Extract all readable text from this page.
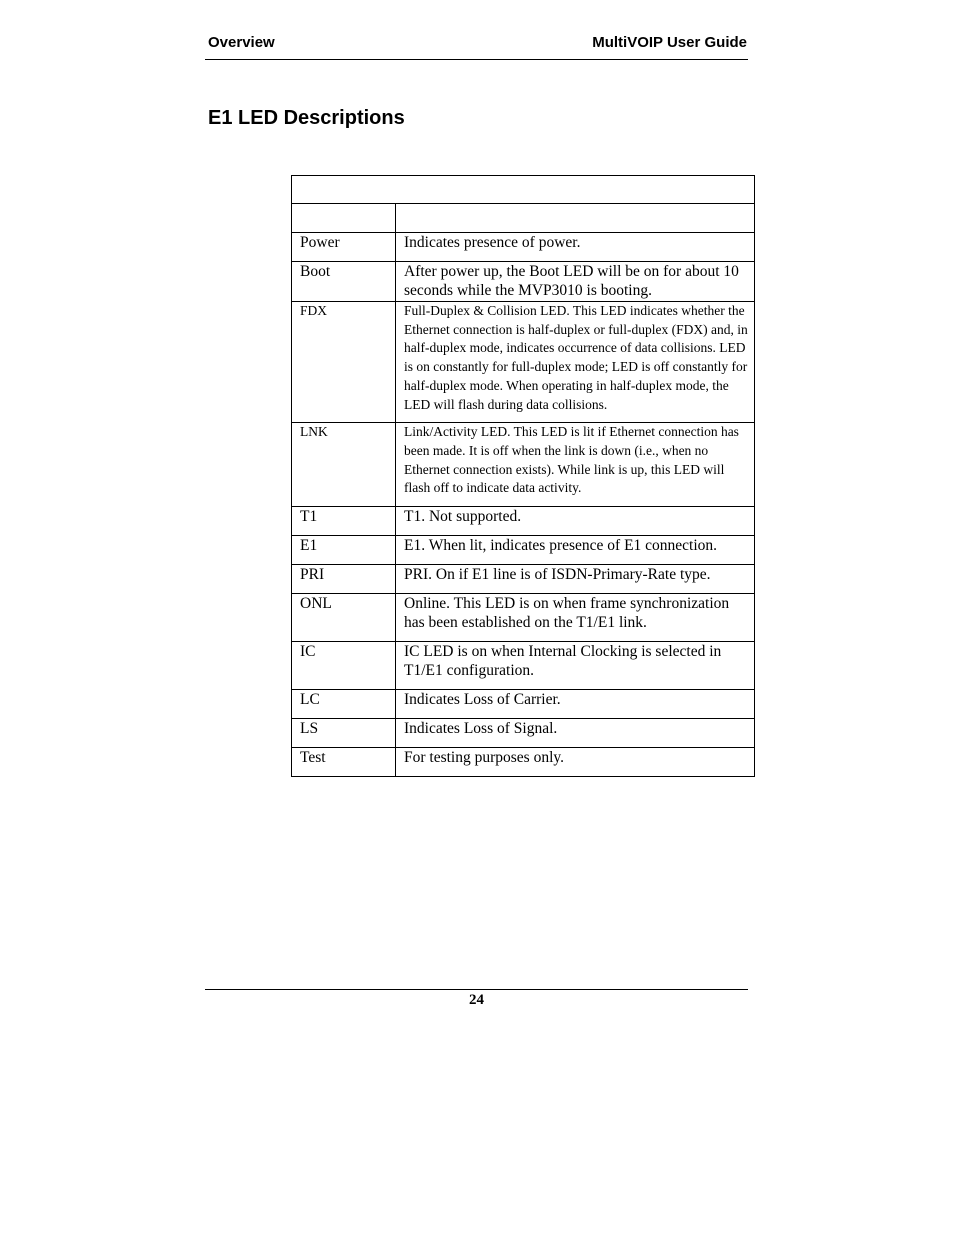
Overview	MultiVOIP User Guide
E1 LED Descriptions

Power	Indicates presence of power.
Boot	After power up, the Boot LED will be on for about 10 seconds while the MVP3010 is booting.
FDX	Full-Duplex & Collision LED. This LED indicates whether the Ethernet connection is half-duplex or full-duplex (FDX) and, in half-duplex mode, indicates occurrence of data collisions. LED is on constantly for full-duplex mode; LED is off constantly for half-duplex mode. When operating in half-duplex mode, the LED will flash during data collisions.
LNK	Link/Activity LED. This LED is lit if Ethernet connection has been made. It is off when the link is down (i.e., when no Ethernet connection exists). While link is up, this LED will flash off to indicate data activity.
T1	T1. Not supported.
E1	E1. When lit, indicates presence of E1 connection.
PRI	PRI. On if E1 line is of ISDN-Primary-Rate type.
ONL	Online. This LED is on when frame synchronization has been established on the T1/E1 link.
IC	IC LED is on when Internal Clocking is selected in T1/E1 configuration.
LC	Indicates Loss of Carrier.
LS	Indicates Loss of Signal.
Test	For testing purposes only.
24
